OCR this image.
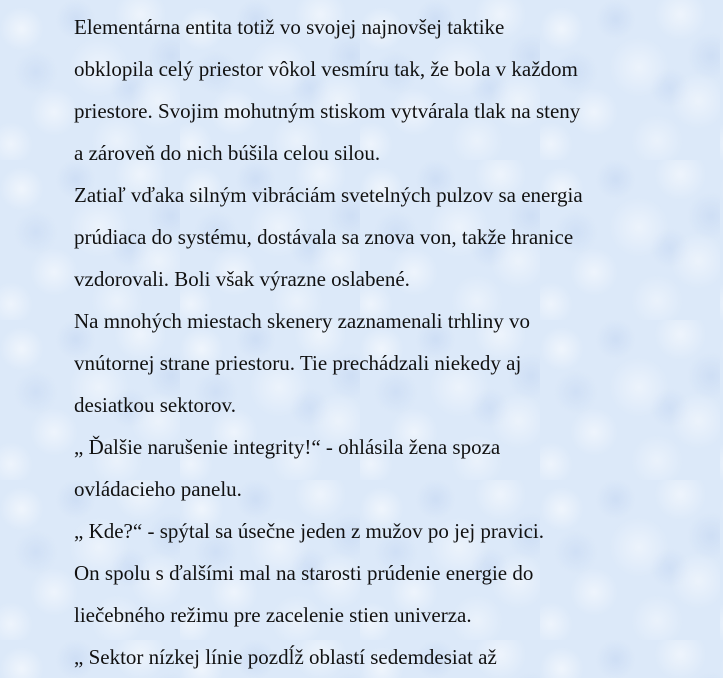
Elementárna entita totiž vo svojej najnovšej taktike

obklopila celý priestor vôkol vesmíru tak, že bola v každom

priestore. Svojim mohutným stiskom vytvárala tlak na steny

a zároveň do nich búšila celou silou.

Zatiaľ vďaka silným vibráciám svetelných pulzov sa energia

prúdiaca do systému, dostávala sa znova von, takže hranice

vzdorovali. Boli však výrazne oslabené.

Na mnohých miestach skenery zaznamenali trhliny vo

vnútornej strane priestoru. Tie prechádzali niekedy aj

desiatkou sektorov.

„ Ďalšie narušenie integrity!“ - ohlásila žena spoza

ovládacieho panelu.

„ Kde?“ - spýtal sa úsečne jeden z mužov po jej pravici.

On spolu s ďalšími mal na starosti prúdenie energie do

liečebného režimu pre zacelenie stien univerza.

„ Sektor nízkej línie pozdĺž oblastí sedemdesiat až
